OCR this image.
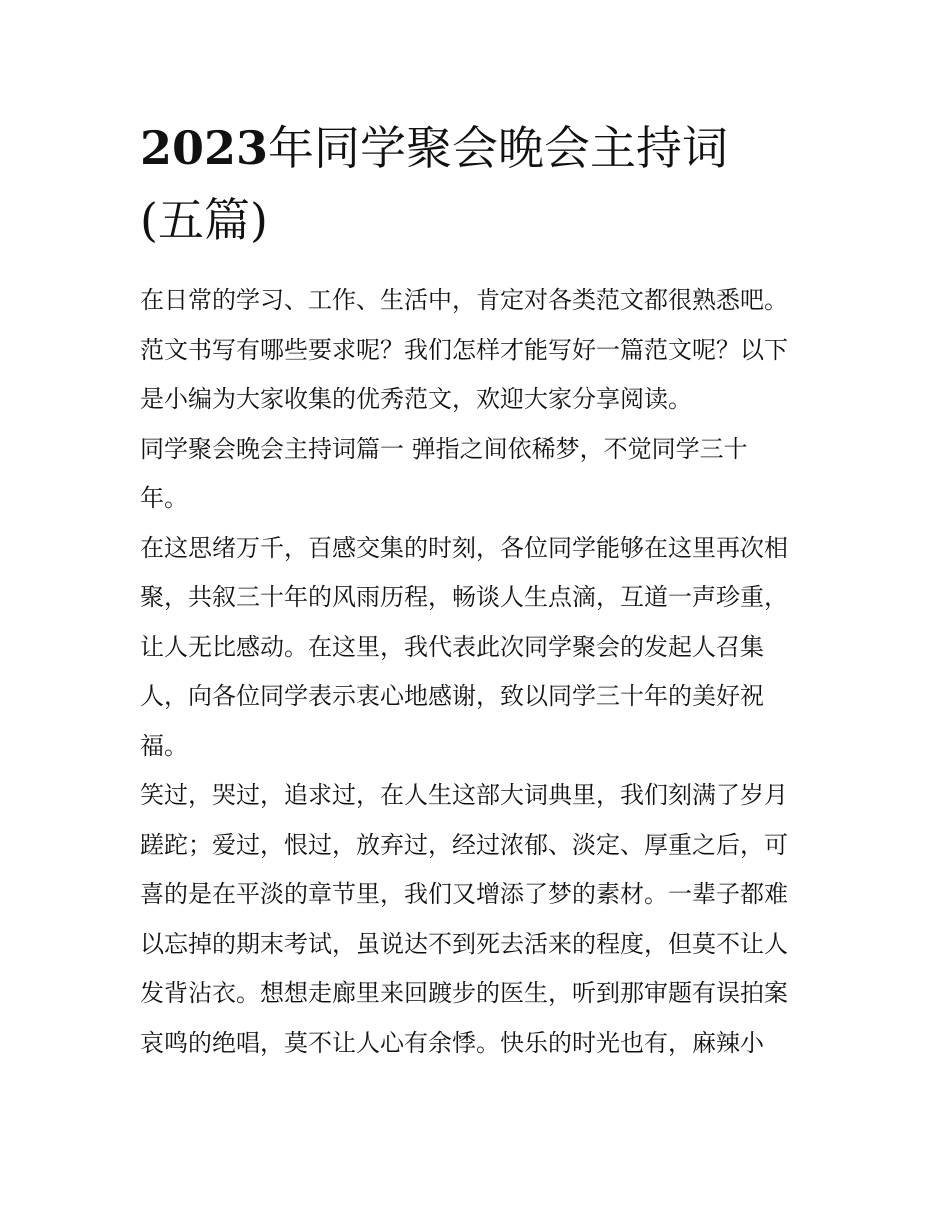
2023年同学聚会晚会主持词
(五篇)

在日常的学习、工作、生活中，肯定对各类范文都很熟悉吧。

范文书写有哪些要求呢？我们怎样才能写好一篇范文呢？以下

是小编为大家收集的优秀范文，欢迎大家分享阅读。

同学聚会晚会主持词篇一 弹指之间依稀梦，不觉同学三十

年。

在这思绪万千，百感交集的时刻，各位同学能够在这里再次相

聚，共叙三十年的风雨历程，畅谈人生点滴，互道一声珍重，

让人无比感动。在这里，我代表此次同学聚会的发起人召集

人，向各位同学表示衷心地感谢，致以同学三十年的美好祝

福。

笑过，哭过，追求过，在人生这部大词典里，我们刻满了岁月

蹉跎；爱过，恨过，放弃过，经过浓郁、淡定、厚重之后，可

喜的是在平淡的章节里，我们又增添了梦的素材。一辈子都难

以忘掉的期末考试，虽说达不到死去活来的程度，但莫不让人

发背沾衣。想想走廊里来回踱步的医生，听到那审题有误拍案

哀鸣的绝唱，莫不让人心有余悸。快乐的时光也有，麻辣小
